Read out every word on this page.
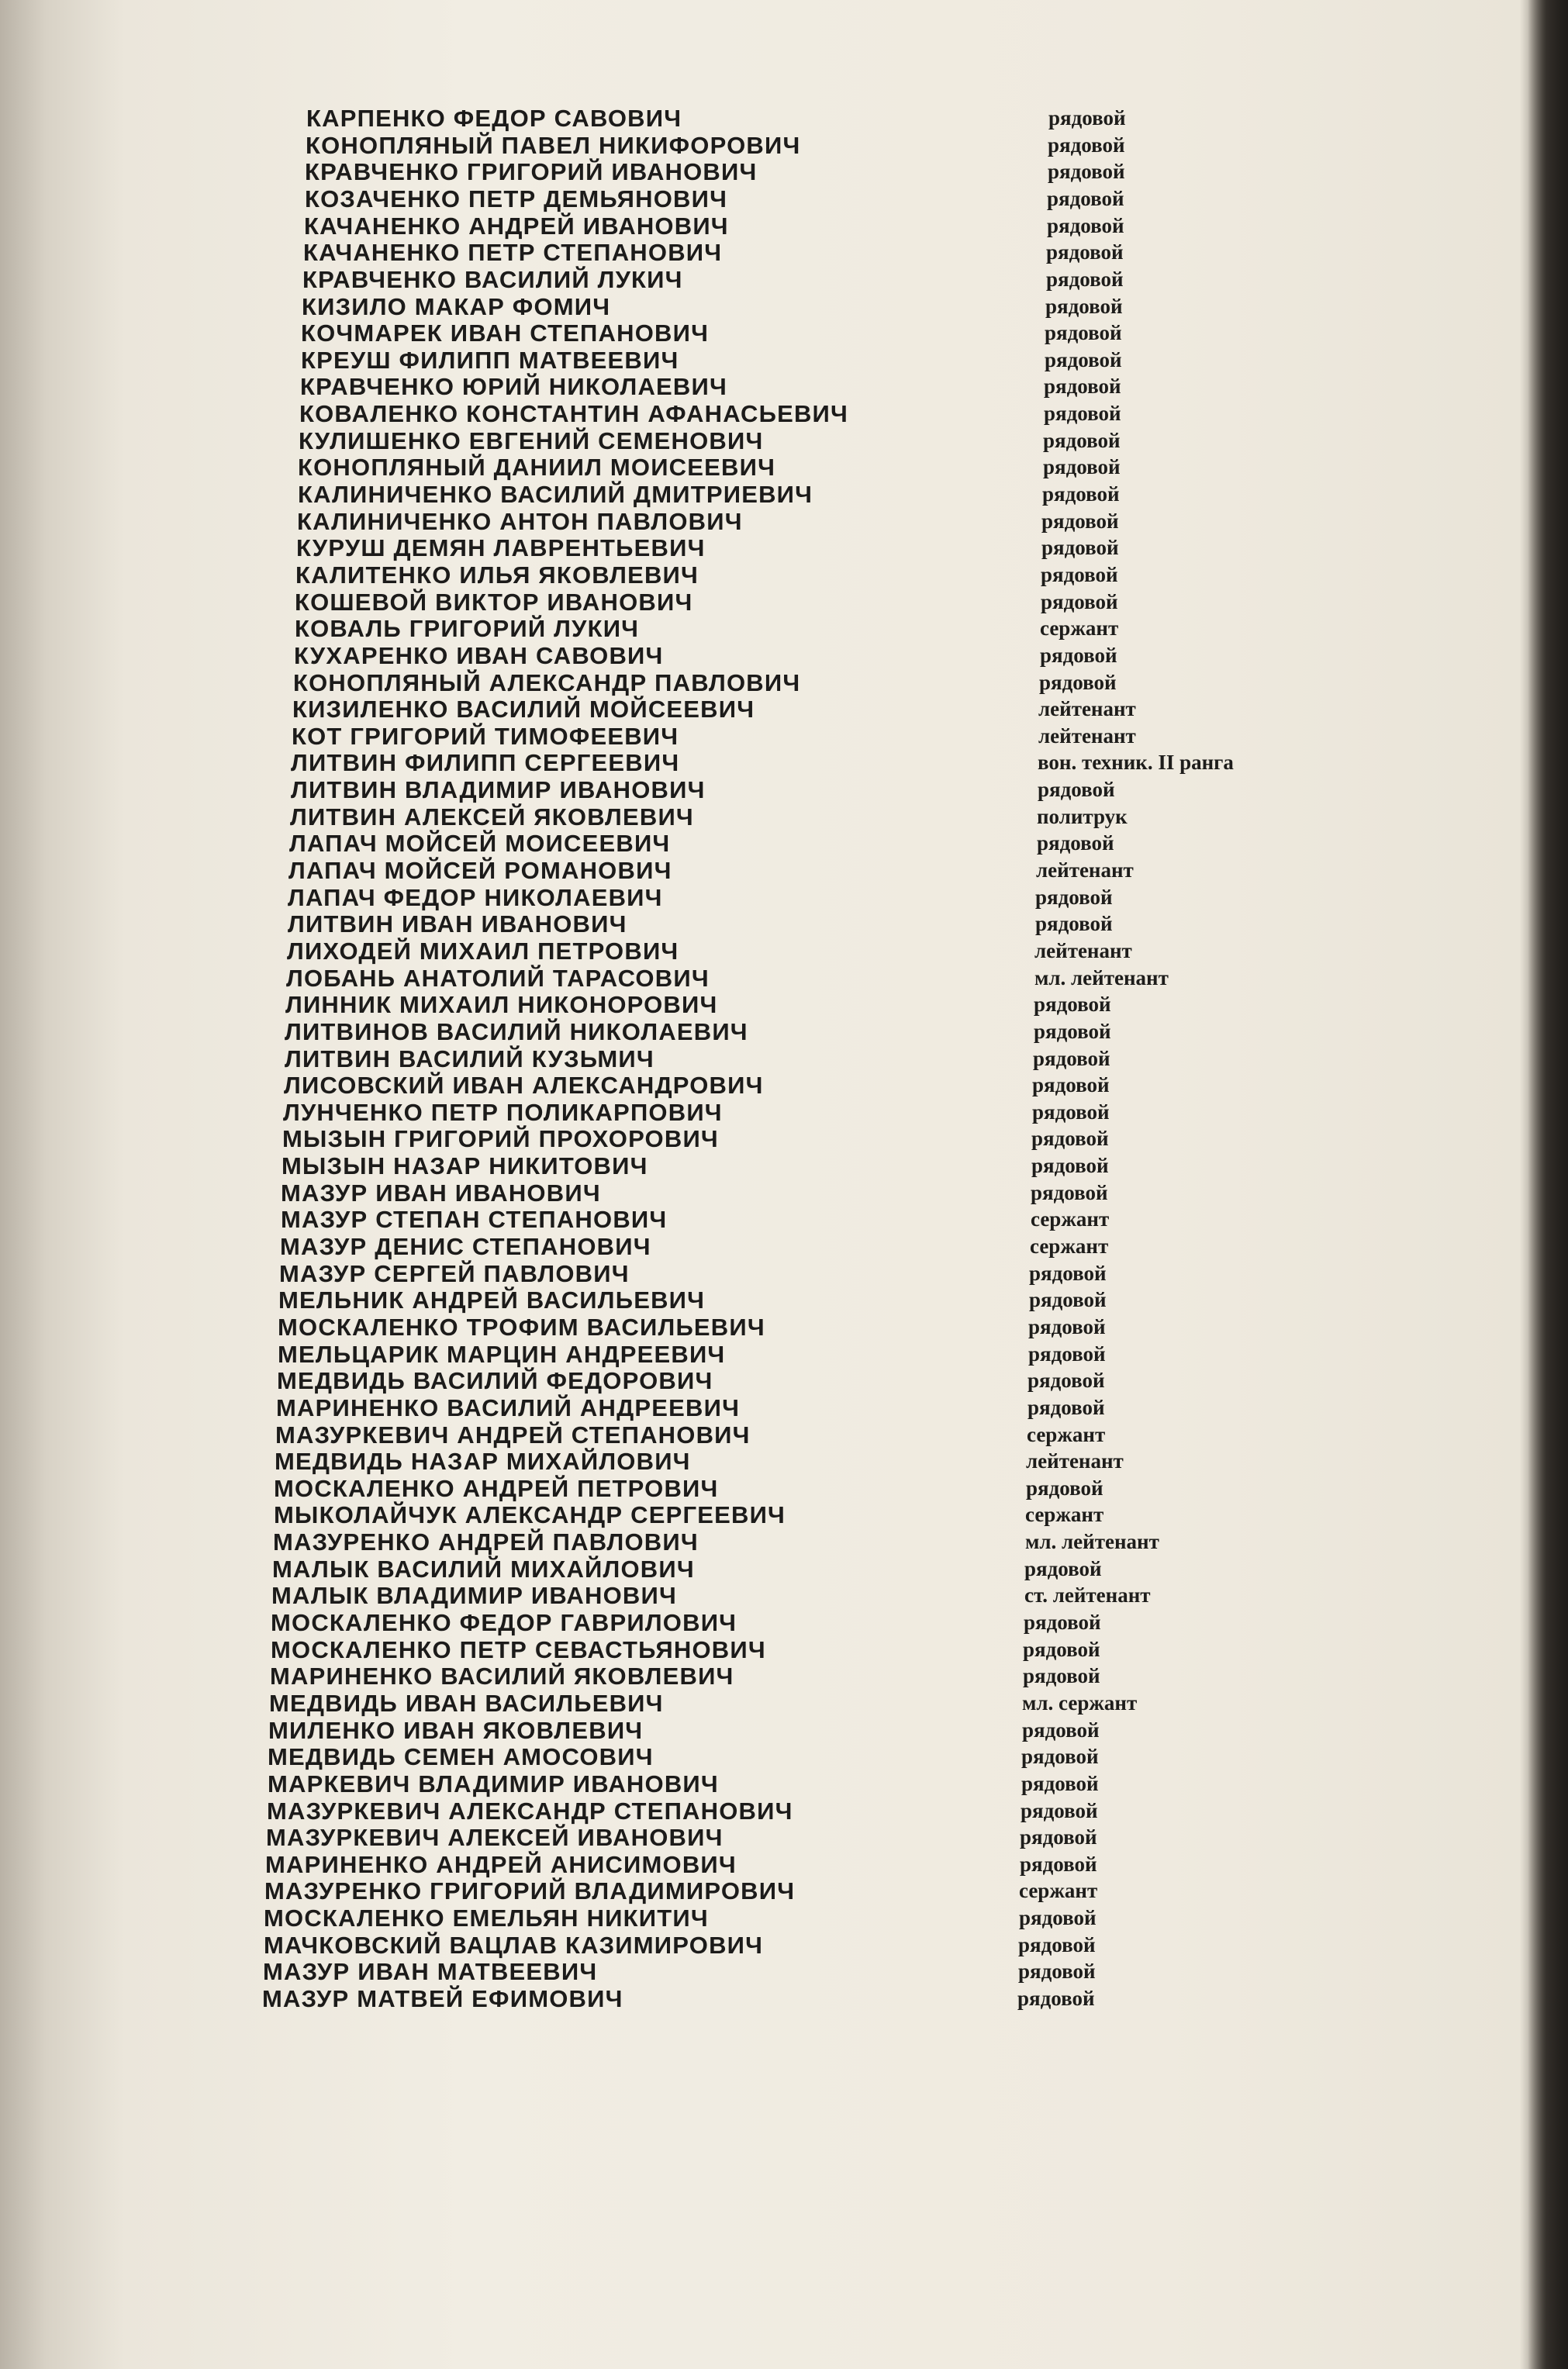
КАРПЕНКО ФЕДОР САВОВИЧ	рядовой
КОНОПЛЯНЫЙ ПАВЕЛ НИКИФОРОВИЧ	рядовой
КРАВЧЕНКО ГРИГОРИЙ ИВАНОВИЧ	рядовой
КОЗАЧЕНКО ПЕТР ДЕМЬЯНОВИЧ	рядовой
КАЧАНЕНКО АНДРЕЙ ИВАНОВИЧ	рядовой
КАЧАНЕНКО ПЕТР СТЕПАНОВИЧ	рядовой
КРАВЧЕНКО ВАСИЛИЙ ЛУКИЧ	рядовой
КИЗИЛО МАКАР ФОМИЧ	рядовой
КОЧМАРЕК ИВАН СТЕПАНОВИЧ	рядовой
КРЕУШ ФИЛИПП МАТВЕЕВИЧ	рядовой
КРАВЧЕНКО ЮРИЙ НИКОЛАЕВИЧ	рядовой
КОВАЛЕНКО КОНСТАНТИН АФАНАСЬЕВИЧ	рядовой
КУЛИШЕНКО ЕВГЕНИЙ СЕМЕНОВИЧ	рядовой
КОНОПЛЯНЫЙ ДАНИИЛ МОИСЕЕВИЧ	рядовой
КАЛИНИЧЕНКО ВАСИЛИЙ ДМИТРИЕВИЧ	рядовой
КАЛИНИЧЕНКО АНТОН ПАВЛОВИЧ	рядовой
КУРУШ ДЕМЯН ЛАВРЕНТЬЕВИЧ	рядовой
КАЛИТЕНКО ИЛЬЯ ЯКОВЛЕВИЧ	рядовой
КОШЕВОЙ ВИКТОР ИВАНОВИЧ	рядовой
КОВАЛЬ ГРИГОРИЙ ЛУКИЧ	сержант
КУХАРЕНКО ИВАН САВОВИЧ	рядовой
КОНОПЛЯНЫЙ АЛЕКСАНДР ПАВЛОВИЧ	рядовой
КИЗИЛЕНКО ВАСИЛИЙ МОЙСЕЕВИЧ	лейтенант
КОТ ГРИГОРИЙ ТИМОФЕЕВИЧ	лейтенант
ЛИТВИН ФИЛИПП СЕРГЕЕВИЧ	вон. техник. II ранга
ЛИТВИН ВЛАДИМИР ИВАНОВИЧ	рядовой
ЛИТВИН АЛЕКСЕЙ ЯКОВЛЕВИЧ	политрук
ЛАПАЧ МОЙСЕЙ МОИСЕЕВИЧ	рядовой
ЛАПАЧ МОЙСЕЙ РОМАНОВИЧ	лейтенант
ЛАПАЧ ФЕДОР НИКОЛАЕВИЧ	рядовой
ЛИТВИН ИВАН ИВАНОВИЧ	рядовой
ЛИХОДЕЙ МИХАИЛ ПЕТРОВИЧ	лейтенант
ЛОБАНЬ АНАТОЛИЙ ТАРАСОВИЧ	мл. лейтенант
ЛИННИК МИХАИЛ НИКОНОРОВИЧ	рядовой
ЛИТВИНОВ ВАСИЛИЙ НИКОЛАЕВИЧ	рядовой
ЛИТВИН ВАСИЛИЙ КУЗЬМИЧ	рядовой
ЛИСОВСКИЙ ИВАН АЛЕКСАНДРОВИЧ	рядовой
ЛУНЧЕНКО ПЕТР ПОЛИКАРПОВИЧ	рядовой
МЫЗЫН ГРИГОРИЙ ПРОХОРОВИЧ	рядовой
МЫЗЫН НАЗАР НИКИТОВИЧ	рядовой
МАЗУР ИВАН ИВАНОВИЧ	рядовой
МАЗУР СТЕПАН СТЕПАНОВИЧ	сержант
МАЗУР ДЕНИС СТЕПАНОВИЧ	сержант
МАЗУР СЕРГЕЙ ПАВЛОВИЧ	рядовой
МЕЛЬНИК АНДРЕЙ ВАСИЛЬЕВИЧ	рядовой
МОСКАЛЕНКО ТРОФИМ ВАСИЛЬЕВИЧ	рядовой
МЕЛЬЦАРИК МАРЦИН АНДРЕЕВИЧ	рядовой
МЕДВИДЬ ВАСИЛИЙ ФЕДОРОВИЧ	рядовой
МАРИНЕНКО ВАСИЛИЙ АНДРЕЕВИЧ	рядовой
МАЗУРКЕВИЧ АНДРЕЙ СТЕПАНОВИЧ	сержант
МЕДВИДЬ НАЗАР МИХАЙЛОВИЧ	лейтенант
МОСКАЛЕНКО АНДРЕЙ ПЕТРОВИЧ	рядовой
МЫКОЛАЙЧУК АЛЕКСАНДР СЕРГЕЕВИЧ	сержант
МАЗУРЕНКО АНДРЕЙ ПАВЛОВИЧ	мл. лейтенант
МАЛЫК ВАСИЛИЙ МИХАЙЛОВИЧ	рядовой
МАЛЫК ВЛАДИМИР ИВАНОВИЧ	ст. лейтенант
МОСКАЛЕНКО ФЕДОР ГАВРИЛОВИЧ	рядовой
МОСКАЛЕНКО ПЕТР СЕВАСТЬЯНОВИЧ	рядовой
МАРИНЕНКО ВАСИЛИЙ ЯКОВЛЕВИЧ	рядовой
МЕДВИДЬ ИВАН ВАСИЛЬЕВИЧ	мл. сержант
МИЛЕНКО ИВАН ЯКОВЛЕВИЧ	рядовой
МЕДВИДЬ СЕМЕН АМОСОВИЧ	рядовой
МАРКЕВИЧ ВЛАДИМИР ИВАНОВИЧ	рядовой
МАЗУРКЕВИЧ АЛЕКСАНДР СТЕПАНОВИЧ	рядовой
МАЗУРКЕВИЧ АЛЕКСЕЙ ИВАНОВИЧ	рядовой
МАРИНЕНКО АНДРЕЙ АНИСИМОВИЧ	рядовой
МАЗУРЕНКО ГРИГОРИЙ ВЛАДИМИРОВИЧ	сержант
МОСКАЛЕНКО ЕМЕЛЬЯН НИКИТИЧ	рядовой
МАЧКОВСКИЙ ВАЦЛАВ КАЗИМИРОВИЧ	рядовой
МАЗУР ИВАН МАТВЕЕВИЧ	рядовой
МАЗУР МАТВЕЙ ЕФИМОВИЧ	рядовой
